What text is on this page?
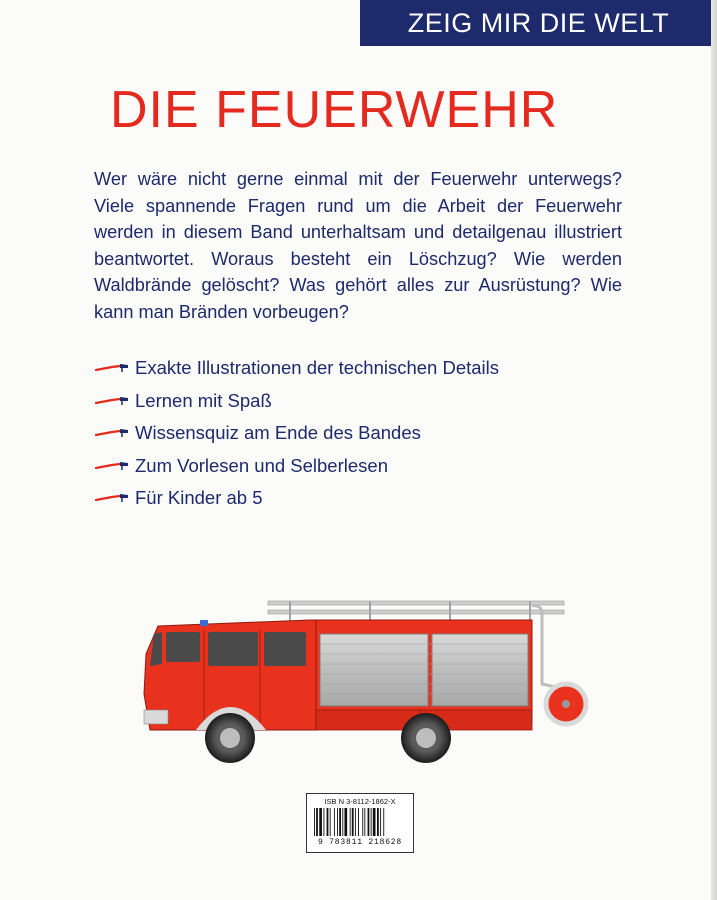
ZEIG MIR DIE WELT
DIE FEUERWEHR

Wer wäre nicht gerne einmal mit der Feuerwehr unterwegs? Viele spannende Fragen rund um die Arbeit der Feuerwehr werden in diesem Band unterhaltsam und detailgenau illustriert beantwortet. Woraus besteht ein Löschzug? Wie werden Waldbrände gelöscht? Was gehört alles zur Ausrüstung? Wie kann man Bränden vorbeugen?

Exakte Illustrationen der technischen Details
Lernen mit Spaß
Wissensquiz am Ende des Bandes
Zum Vorlesen und Selberlesen
Für Kinder ab 5
ISB N 3-8112-1862-X
9 783811 218628
